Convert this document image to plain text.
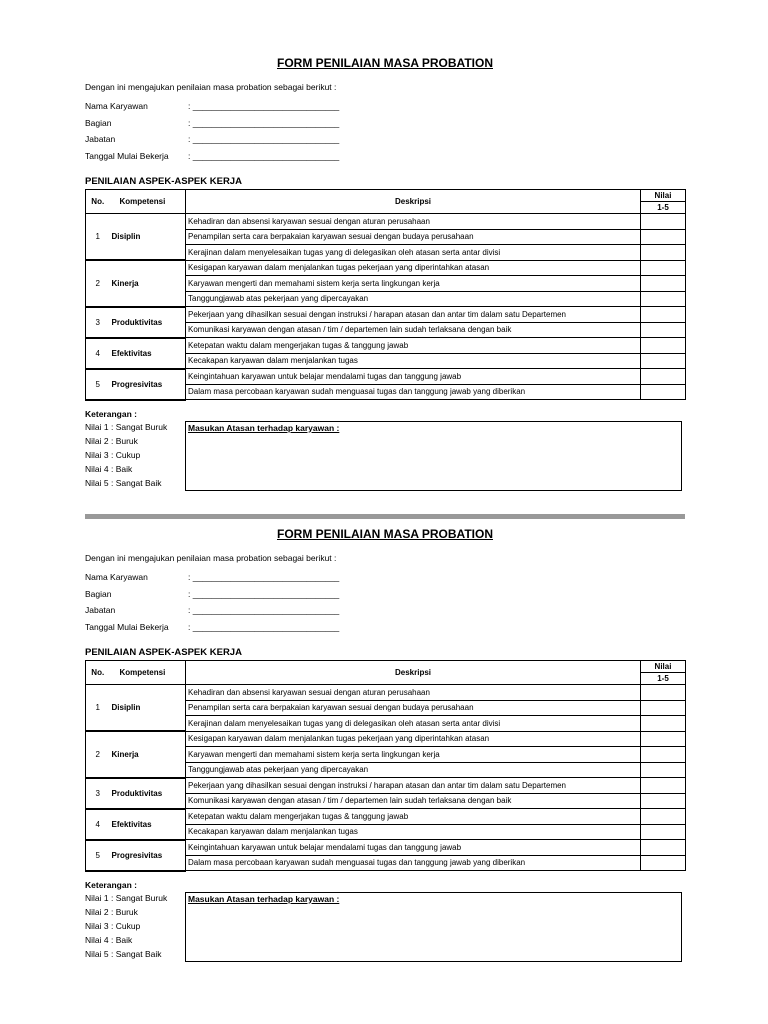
FORM PENILAIAN MASA PROBATION
Dengan ini mengajukan penilaian masa probation sebagai berikut :
Nama Karyawan	: _______________________________
Bagian	: _______________________________
Jabatan	: _______________________________
Tanggal Mulai Bekerja	: _______________________________
PENILAIAN ASPEK-ASPEK KERJA
No.	Kompetensi	Deskripsi	Nilai
			1-5
1	Disiplin	Kehadiran dan absensi karyawan sesuai dengan aturan perusahaan	
		Penampilan serta cara berpakaian karyawan sesuai dengan budaya perusahaan	
		Kerajinan dalam menyelesaikan tugas yang di delegasikan oleh atasan serta antar divisi	
2	Kinerja	Kesigapan karyawan dalam menjalankan tugas pekerjaan yang diperintahkan atasan	
		Karyawan mengerti dan memahami sistem kerja serta lingkungan kerja	
		Tanggungjawab atas pekerjaan yang dipercayakan	
3	Produktivitas	Pekerjaan yang dihasilkan sesuai dengan instruksi / harapan atasan dan antar tim dalam satu Departemen	
		Komunikasi karyawan dengan atasan / tim / departemen lain sudah terlaksana dengan baik	
4	Efektivitas	Ketepatan waktu dalam mengerjakan tugas & tanggung jawab	
		Kecakapan karyawan dalam menjalankan tugas	
5	Progresivitas	Keingintahuan karyawan untuk belajar mendalami tugas dan tanggung jawab	
		Dalam masa percobaan karyawan sudah menguasai tugas dan tanggung jawab yang diberikan	
Keterangan :
Nilai 1 : Sangat Buruk
Nilai 2 : Buruk
Nilai 3 : Cukup
Nilai 4 : Baik
Nilai 5 : Sangat Baik
Masukan Atasan terhadap karyawan :
FORM PENILAIAN MASA PROBATION
Dengan ini mengajukan penilaian masa probation sebagai berikut :
Nama Karyawan	: _______________________________
Bagian	: _______________________________
Jabatan	: _______________________________
Tanggal Mulai Bekerja	: _______________________________
PENILAIAN ASPEK-ASPEK KERJA
No.	Kompetensi	Deskripsi	Nilai
			1-5
1	Disiplin	Kehadiran dan absensi karyawan sesuai dengan aturan perusahaan	
		Penampilan serta cara berpakaian karyawan sesuai dengan budaya perusahaan	
		Kerajinan dalam menyelesaikan tugas yang di delegasikan oleh atasan serta antar divisi	
2	Kinerja	Kesigapan karyawan dalam menjalankan tugas pekerjaan yang diperintahkan atasan	
		Karyawan mengerti dan memahami sistem kerja serta lingkungan kerja	
		Tanggungjawab atas pekerjaan yang dipercayakan	
3	Produktivitas	Pekerjaan yang dihasilkan sesuai dengan instruksi / harapan atasan dan antar tim dalam satu Departemen	
		Komunikasi karyawan dengan atasan / tim / departemen lain sudah terlaksana dengan baik	
4	Efektivitas	Ketepatan waktu dalam mengerjakan tugas & tanggung jawab	
		Kecakapan karyawan dalam menjalankan tugas	
5	Progresivitas	Keingintahuan karyawan untuk belajar mendalami tugas dan tanggung jawab	
		Dalam masa percobaan karyawan sudah menguasai tugas dan tanggung jawab yang diberikan	
Keterangan :
Nilai 1 : Sangat Buruk
Nilai 2 : Buruk
Nilai 3 : Cukup
Nilai 4 : Baik
Nilai 5 : Sangat Baik
Masukan Atasan terhadap karyawan :
